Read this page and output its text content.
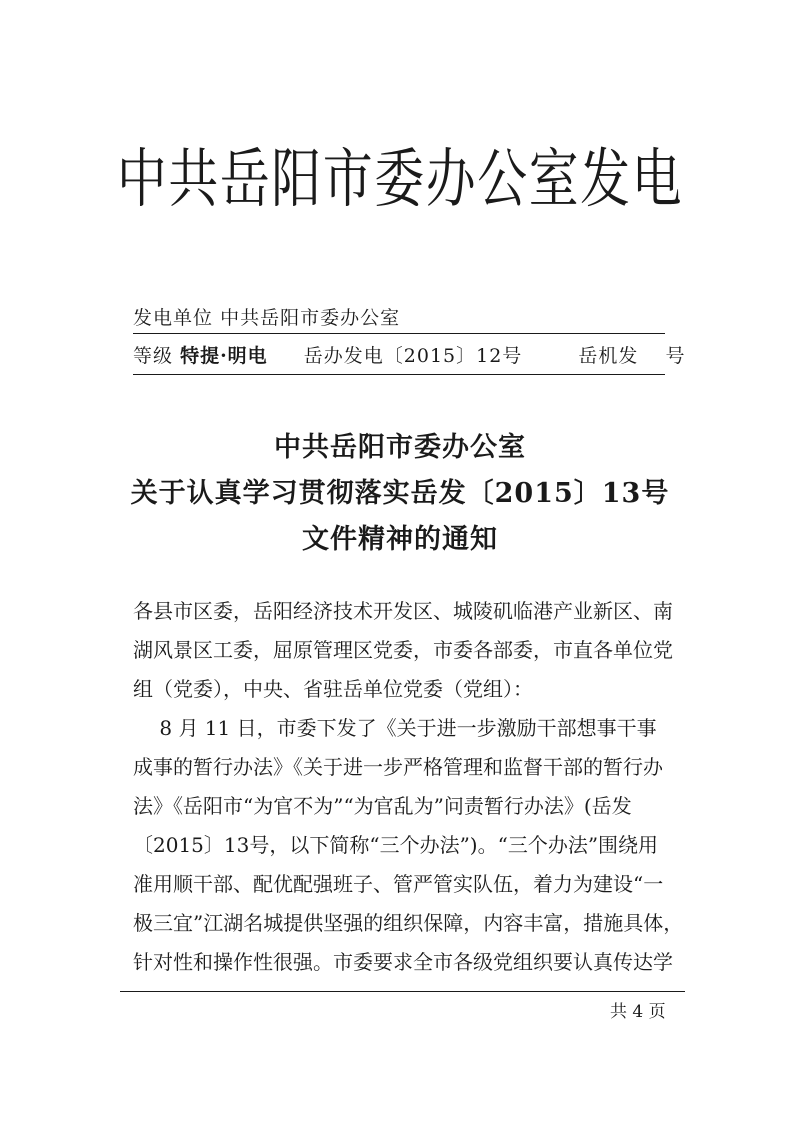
中共岳阳市委办公室发电
发电单位 中共岳阳市委办公室
等级 特提·明电 岳办发电〔2015〕12号	岳机发　 号
中共岳阳市委办公室
关于认真学习贯彻落实岳发〔2015〕13号
文件精神的通知
各县市区委，岳阳经济技术开发区、城陵矶临港产业新区、南
湖风景区工委，屈原管理区党委，市委各部委，市直各单位党
组（党委），中央、省驻岳单位党委（党组）：
　 8 月 11 日，市委下发了《关于进一步激励干部想事干事
成事的暂行办法》《关于进一步严格管理和监督干部的暂行办
法》《岳阳市“为官不为”“为官乱为”问责暂行办法》(岳发
〔2015〕13号，以下简称“三个办法”)。“三个办法”围绕用
准用顺干部、配优配强班子、管严管实队伍，着力为建设“一
极三宜”江湖名城提供坚强的组织保障，内容丰富，措施具体，
针对性和操作性很强。市委要求全市各级党组织要认真传达学
共 4 页
